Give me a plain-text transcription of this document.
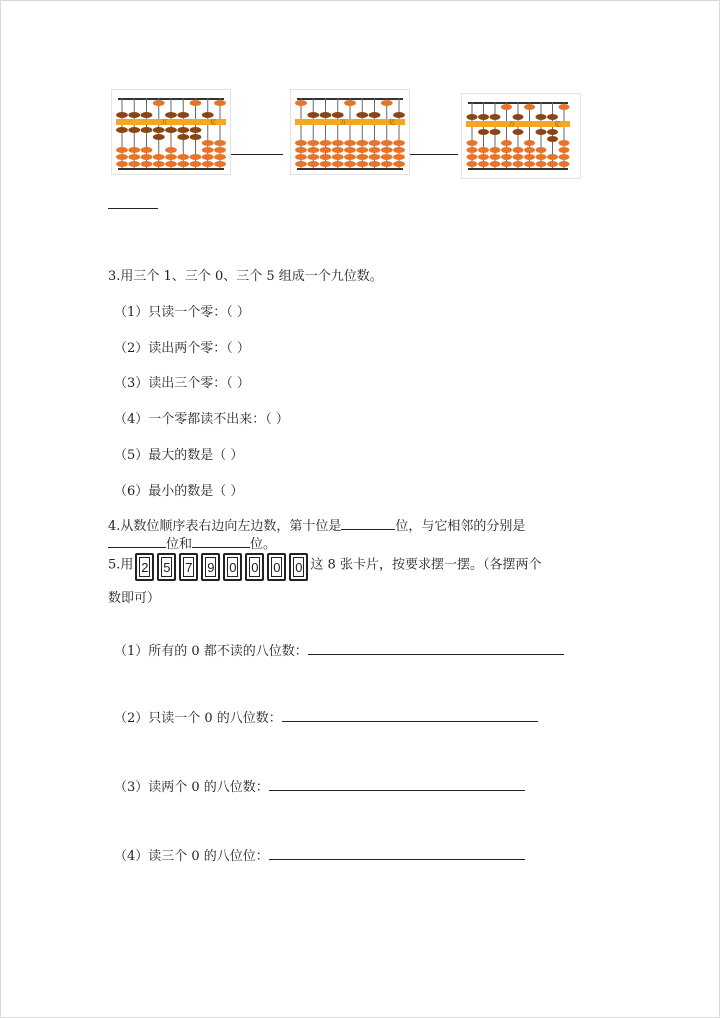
万	亿	万	亿	万	亿
3.用三个 1、三个 0、三个 5 组成一个九位数。
（1）只读一个零：（ ）
（2）读出两个零：（ ）
（3）读出三个零：（ ）
（4）一个零都读不出来：（ ）
（5）最大的数是（ ）
（6）最小的数是（ ）
4.从数位顺序表右边向左边数，第十位是	位，与它相邻的分别是
位和	位。
5.用 2	5	7	9	0	0	0	0 这 8 张卡片，按要求摆一摆。（各摆两个
数即可）
（1）所有的 0 都不读的八位数：
（2）只读一个 0 的八位数：
（3）读两个 0 的八位数：
（4）读三个 0 的八位位：
